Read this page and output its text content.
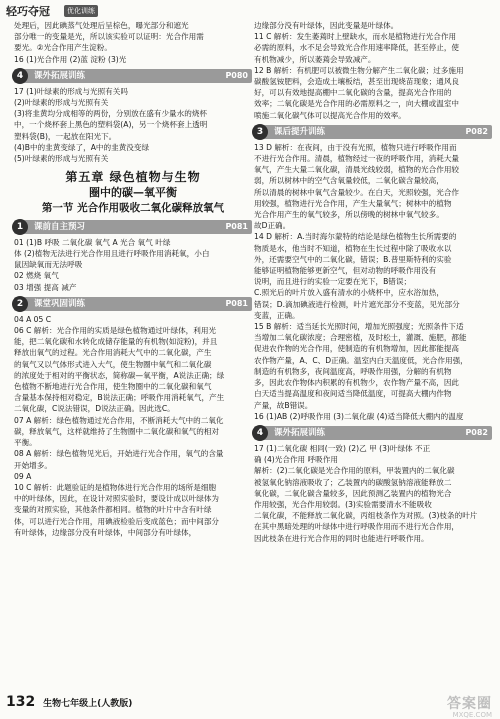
轻巧夺冠	优化训练

处理后，因此碘蒸气处理后呈棕色，曝光部分和遮光

部分唯一的变量是光，所以该实验可以证明：光合作用需

要光。②光合作用产生淀粉。

16 (1)光合作用 (2)蓝 淀粉 (3)光

4	课外拓展训练	P080

17 (1)叶绿素的形成与光照有关吗

(2)叶绿素的形成与光照有关

(3)将韭黄均分成相等的两份，分别放在盛有少量水的烧杯

中，一个烧杯套上黑色的塑料袋(A)，另一个烧杯套上透明

塑料袋(B)，一起放在阳光下。

(4)B中的韭黄变绿了，A中的韭黄没变绿

(5)叶绿素的形成与光照有关

第五章 绿色植物与生物
圈中的碳—氧平衡
第一节 光合作用吸收二氧化碳释放氧气
1	课前自主预习	P081

01 (1)B 呼吸 二氧化碳 氧气 A 光合 氧气 叶绿

体 (2)植物无法进行光合作用且进行呼吸作用消耗氧，小白

鼠因缺氧而无法呼吸

02 燃烧 氧气

03 增强 提高 减产

2	课堂巩固训练	P081

04 A 05 C

06 C 解析：光合作用的实质是绿色植物通过叶绿体，利用光

能，把二氧化碳和水转化成储存能量的有机物(如淀粉)，并且

释放出氧气的过程。光合作用消耗大气中的二氧化碳，产生

的氧气又以气体形式进入大气，使生物圈中氧气和二氧化碳

的浓度处于相对的平衡状态，简称碳—氧平衡，A说法正确；绿

色植物不断地进行光合作用，使生物圈中的二氧化碳和氧气

含量基本保持相对稳定，B说法正确；呼吸作用消耗氧气，产生

二氧化碳，C说法错误，D说法正确。因此选C。

07 A 解析：绿色植物通过光合作用，不断消耗大气中的二氧化

碳，释放氧气，这样就维持了生物圈中二氧化碳和氧气的相对

平衡。

08 A 解析：绿色植物见光后，开始进行光合作用，氧气的含量

开始增多。

09 A

10 C 解析：此题验证的是植物体进行光合作用的场所是细胞

中的叶绿体，因此，在设计对照实验时，要设计成以叶绿体为

变量的对照实验，其他条件都相同。植物的叶片中含有叶绿

体，可以进行光合作用，用碘液检验后变成蓝色；而中间部分

有叶绿体，边缘部分没有叶绿体，中间部分有叶绿体，

边缘部分没有叶绿体，因此变量是叶绿体。

11 C 解析：发生萎蔫时上壁缺水，而水是植物进行光合作用

必需的原料，水不足会导致光合作用速率降低，甚至停止，使

有机物减少，所以萎蔫会导致减产。

12 B 解析：有机肥可以被微生物分解产生二氧化碳；过多施用

碳酸氢铵肥料，会造成土壤板结，甚至出现烧苗现象；通风良

好，可以有效地提高棚中二氧化碳的含量，提高光合作用的

效率；二氧化碳是光合作用的必需原料之一，向大棚或温室中

喷施二氧化碳气体可以提高光合作用的效率。

3	课后提升训练	P082

13 D 解析：在夜间，由于没有光照，植物只进行呼吸作用而

不进行光合作用。清晨，植物经过一夜的呼吸作用，消耗大量

氧气，产生大量二氧化碳，清晨光线较弱，植物的光合作用较

弱，所以树林中的空气含氧量较低，二氧化碳含量较高，

所以清晨的树林中氧气含量较少。在白天，光照较强，光合作

用较强，植物进行光合作用，产生大量氧气；树林中的植物

光合作用产生的氧气较多，所以傍晚的树林中氧气较多。

故D正确。

14 D 解析：A.当时海尔蒙特的结论是绿色植物生长所需要的

物质是水，他当时不知道，植物在生长过程中除了吸收水以

外，还需要空气中的二氧化碳，错误；B.普里斯特利的实验

能够证明植物能够更新空气，但对动物的呼吸作用没有

说明，而且进行的实验一定要在光下，B错误；

C.照光后的叶片放入盛有清水的小烧杯中，应水浴加热，

错误；D.滴加碘液进行检测，叶片遮光部分不变蓝，见光部分

变蓝，正确。

15 B 解析：适当延长光照时间，增加光照强度；光照条件下适

当增加二氧化碳浓度；合理密植，及时松土，灌溉、施肥，都能

促进农作物的光合作用，使制造的有机物增加，因此都能提高

农作物产量，A、C、D正确。温室内白天温度低，光合作用强，

制造的有机物多，夜间温度高，呼吸作用强，分解的有机物

多，因此农作物体内积累的有机物少，农作物产量不高，因此

白天适当提高温度和夜间适当降低温度，可提高大棚内作物

产量，故B错误。

16 (1)AB (2)呼吸作用 (3)二氧化碳 (4)适当降低大棚内的温度

4	课外拓展训练	P082

17 (1)二氧化碳 相同(一致) (2)乙 甲 (3)叶绿体 不正

确 (4)光合作用 呼吸作用

解析：(2)二氧化碳是光合作用的原料，甲装置内的二氧化碳

被氢氧化钠溶液吸收了；乙装置内的碳酸氢钠溶液能释放二

氧化碳，二氧化碳含量较多，因此预测乙装置内的植物光合

作用较强，光合作用较弱。(3)实验需要清水不能吸收

二氧化碳，不能释放二氧化碳，丙组枝条作为对照。(3)枝条的叶片

在其中黑暗处理的叶绿体中进行呼吸作用而不进行光合作用，

因此枝条在进行光合作用的同时也能进行呼吸作用。

132 生物七年级上(人教版)	答案圈
MXQE.COM
